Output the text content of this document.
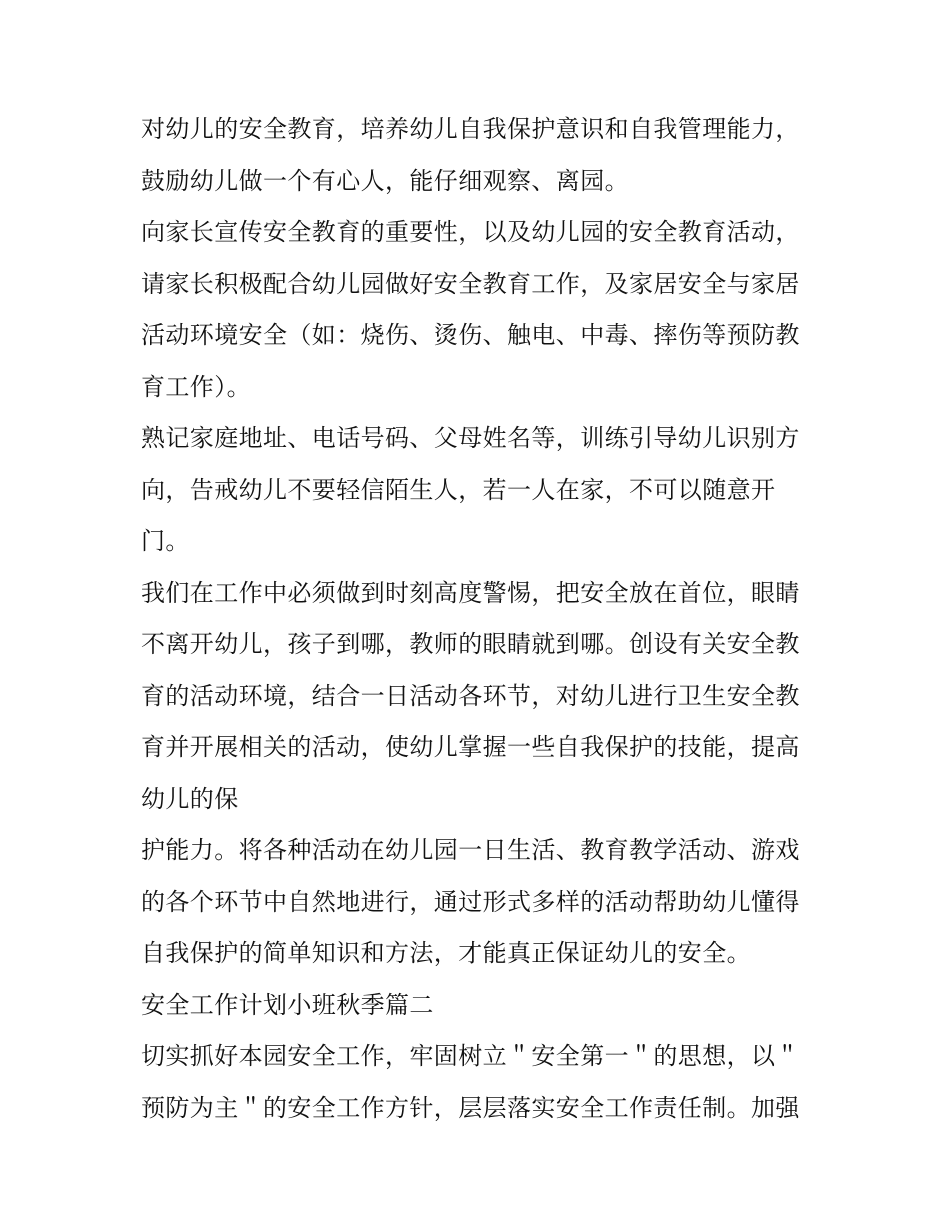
对幼儿的安全教育，培养幼儿自我保护意识和自我管理能力，
鼓励幼儿做一个有心人，能仔细观察、离园。
向家长宣传安全教育的重要性，以及幼儿园的安全教育活动，
请家长积极配合幼儿园做好安全教育工作，及家居安全与家居
活动环境安全（如：烧伤、烫伤、触电、中毒、摔伤等预防教
育工作）。
熟记家庭地址、电话号码、父母姓名等，训练引导幼儿识别方
向，告戒幼儿不要轻信陌生人，若一人在家，不可以随意开
门。
我们在工作中必须做到时刻高度警惕，把安全放在首位，眼睛
不离开幼儿，孩子到哪，教师的眼睛就到哪。创设有关安全教
育的活动环境，结合一日活动各环节，对幼儿进行卫生安全教
育并开展相关的活动，使幼儿掌握一些自我保护的技能，提高
幼儿的保
护能力。将各种活动在幼儿园一日生活、教育教学活动、游戏
的各个环节中自然地进行，通过形式多样的活动帮助幼儿懂得
自我保护的简单知识和方法，才能真正保证幼儿的安全。
安全工作计划小班秋季篇二
切实抓好本园安全工作，牢固树立＂安全第一＂的思想，以＂
预防为主＂的安全工作方针，层层落实安全工作责任制。加强
